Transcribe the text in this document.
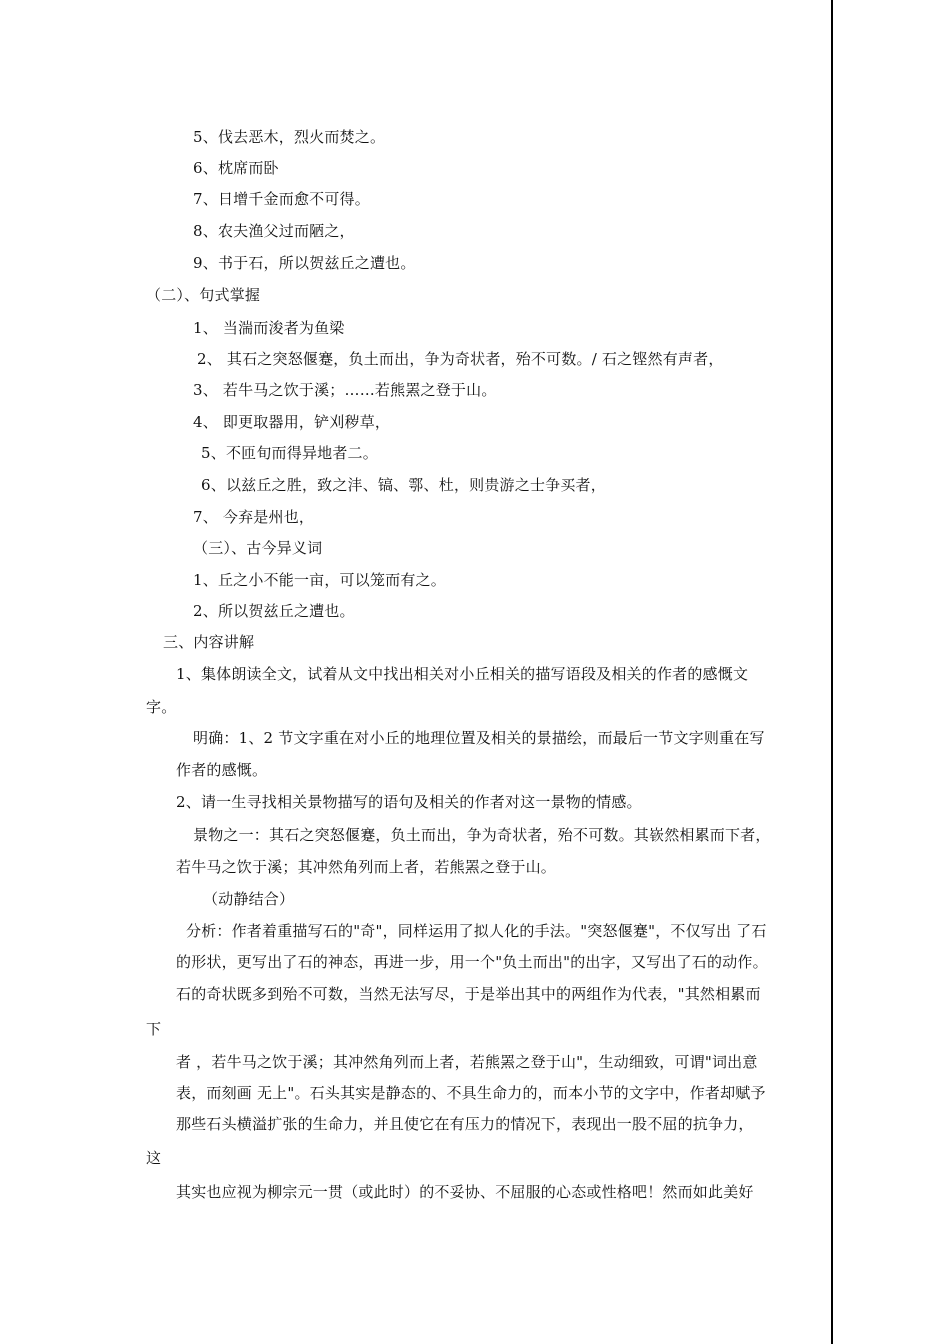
5、伐去恶木，烈火而焚之。
6、枕席而卧
7、日增千金而愈不可得。
8、农夫渔父过而陋之，
9、书于石，所以贺兹丘之遭也。
（二）、句式掌握
1、 当湍而浚者为鱼梁
2、 其石之突怒偃蹇，负土而出，争为奇状者，殆不可数。/ 石之铿然有声者，
3、 若牛马之饮于溪；……若熊罴之登于山。
4、 即更取器用，铲刈秽草，
5、不匝旬而得异地者二。
6、以兹丘之胜，致之沣、镐、鄠、杜，则贵游之士争买者，
7、 今弃是州也，
（三）、古今异义词
1、丘之小不能一亩，可以笼而有之。
2、所以贺兹丘之遭也。
三、内容讲解
1、集体朗读全文，试着从文中找出相关对小丘相关的描写语段及相关的作者的感慨文
字。
明确：1、2 节文字重在对小丘的地理位置及相关的景描绘，而最后一节文字则重在写
作者的感慨。
2、请一生寻找相关景物描写的语句及相关的作者对这一景物的情感。
景物之一：其石之突怒偃蹇，负土而出，争为奇状者，殆不可数。其嵚然相累而下者，
若牛马之饮于溪；其冲然角列而上者，若熊罴之登于山。
（动静结合）
分析：作者着重描写石的"奇"，同样运用了拟人化的手法。"突怒偃蹇"，不仅写出 了石
的形状，更写出了石的神态，再进一步，用一个"负土而出"的出字，又写出了石的动作。
石的奇状既多到殆不可数，当然无法写尽，于是举出其中的两组作为代表，"其然相累而
下
者 ，若牛马之饮于溪；其冲然角列而上者，若熊罴之登于山"，生动细致，可谓"词出意
表，而刻画 无上"。石头其实是静态的、不具生命力的，而本小节的文字中，作者却赋予
那些石头横溢扩张的生命力，并且使它在有压力的情况下，表现出一股不屈的抗争力，
这
其实也应视为柳宗元一贯（或此时）的不妥协、不屈服的心态或性格吧！然而如此美好
